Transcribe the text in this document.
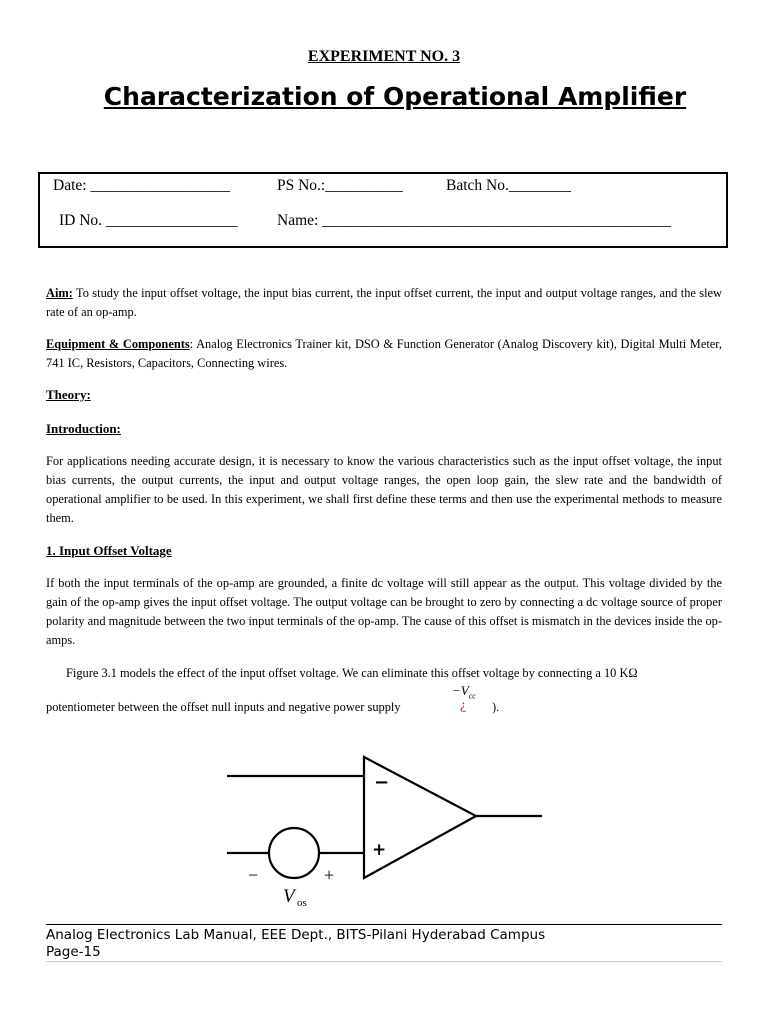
EXPERIMENT NO. 3
Characterization of Operational Amplifier
Date: __________________	PS No.:__________	Batch No.________
ID No. _________________	Name: _____________________________________________
Aim: To study the input offset voltage, the input bias current, the input offset current, the input and output voltage ranges, and the slew rate of an op-amp.
Equipment & Components: Analog Electronics Trainer kit, DSO & Function Generator (Analog Discovery kit), Digital Multi Meter, 741 IC, Resistors, Capacitors, Connecting wires.
Theory:
Introduction:
For applications needing accurate design, it is necessary to know the various characteristics such as the input offset voltage, the input bias currents, the output currents, the input and output voltage ranges, the open loop gain, the slew rate and the bandwidth of operational amplifier to be used. In this experiment, we shall first define these terms and then use the experimental methods to measure them.
1. Input Offset Voltage
If both the input terminals of the op-amp are grounded, a finite dc voltage will still appear as the output. This voltage divided by the gain of the op-amp gives the input offset voltage. The output voltage can be brought to zero by connecting a dc voltage source of proper polarity and magnitude between the two input terminals of the op-amp. The cause of this offset is mismatch in the devices inside the op-amps.
Figure 3.1 models the effect of the input offset voltage. We can eliminate this offset voltage by connecting a 10 KΩ
potentiometer between the offset null inputs and negative power supply
$-V_{cc}$
¿ ).
−
+
−	+
V os
Analog Electronics Lab Manual, EEE Dept., BITS-Pilani Hyderabad Campus
Page-15
